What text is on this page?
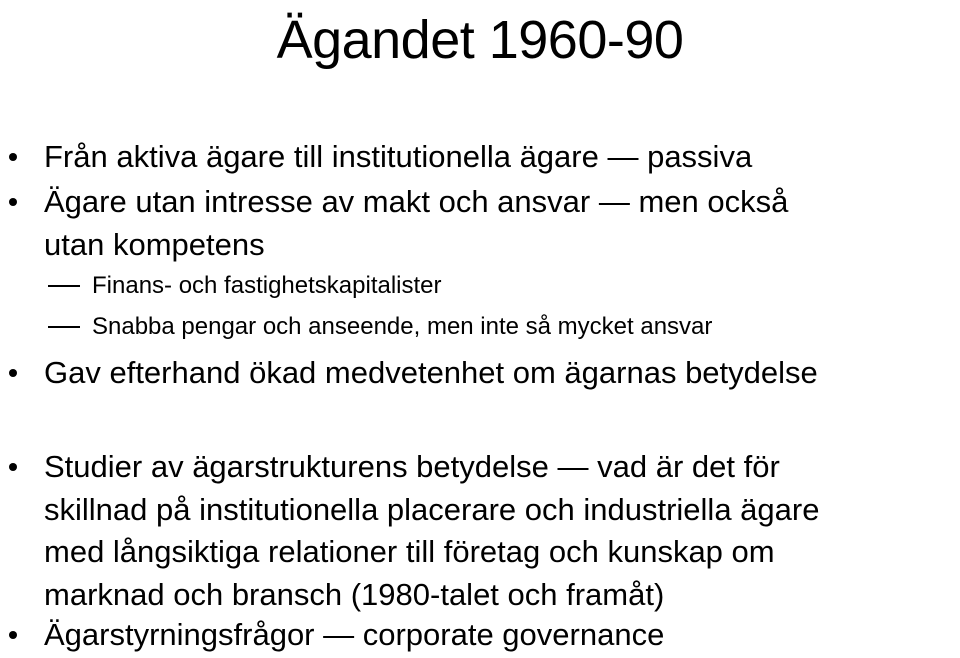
Ägandet 1960-90
Från aktiva ägare till institutionella ägare — passiva
Ägare utan intresse av makt och ansvar — men också
utan kompetens
Finans- och fastighetskapitalister
Snabba pengar och anseende, men inte så mycket ansvar
Gav efterhand ökad medvetenhet om ägarnas betydelse
Studier av ägarstrukturens betydelse — vad är det för
skillnad på institutionella placerare och industriella ägare
med långsiktiga relationer till företag och kunskap om
marknad och bransch (1980-talet och framåt)
Ägarstyrningsfrågor — corporate governance
